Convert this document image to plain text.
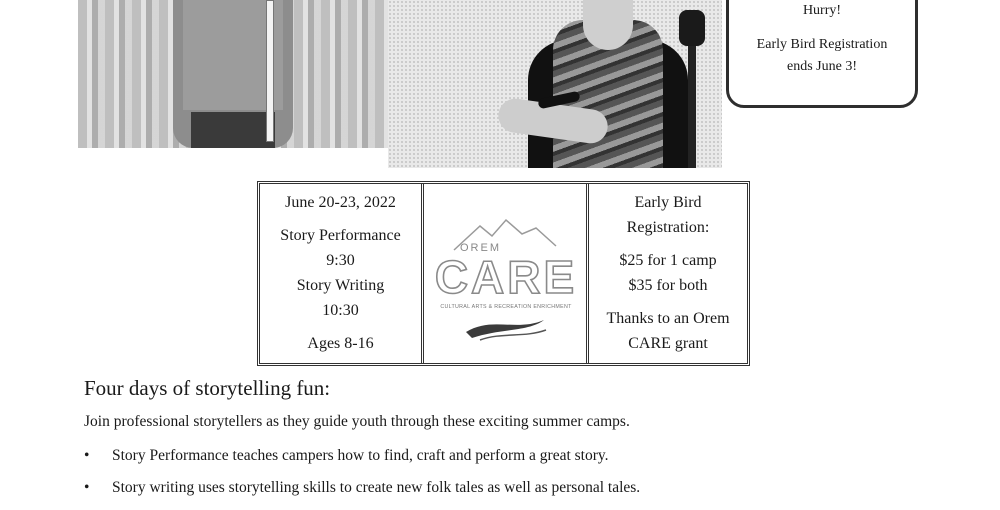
Hurry!
Early Bird Registration
ends June 3!
June 20-23, 2022
Story Performance
9:30
Story Writing
10:30
Ages 8-16
OREM
CARE
CULTURAL ARTS & RECREATION ENRICHMENT
Early Bird
Registration:
$25 for 1 camp
$35 for both
Thanks to an Orem
CARE grant
Four days of storytelling fun:
Join professional storytellers as they guide youth through these exciting summer camps.
• Story Performance teaches campers how to find, craft and perform a great story.
• Story writing uses storytelling skills to create new folk tales as well as personal tales.
